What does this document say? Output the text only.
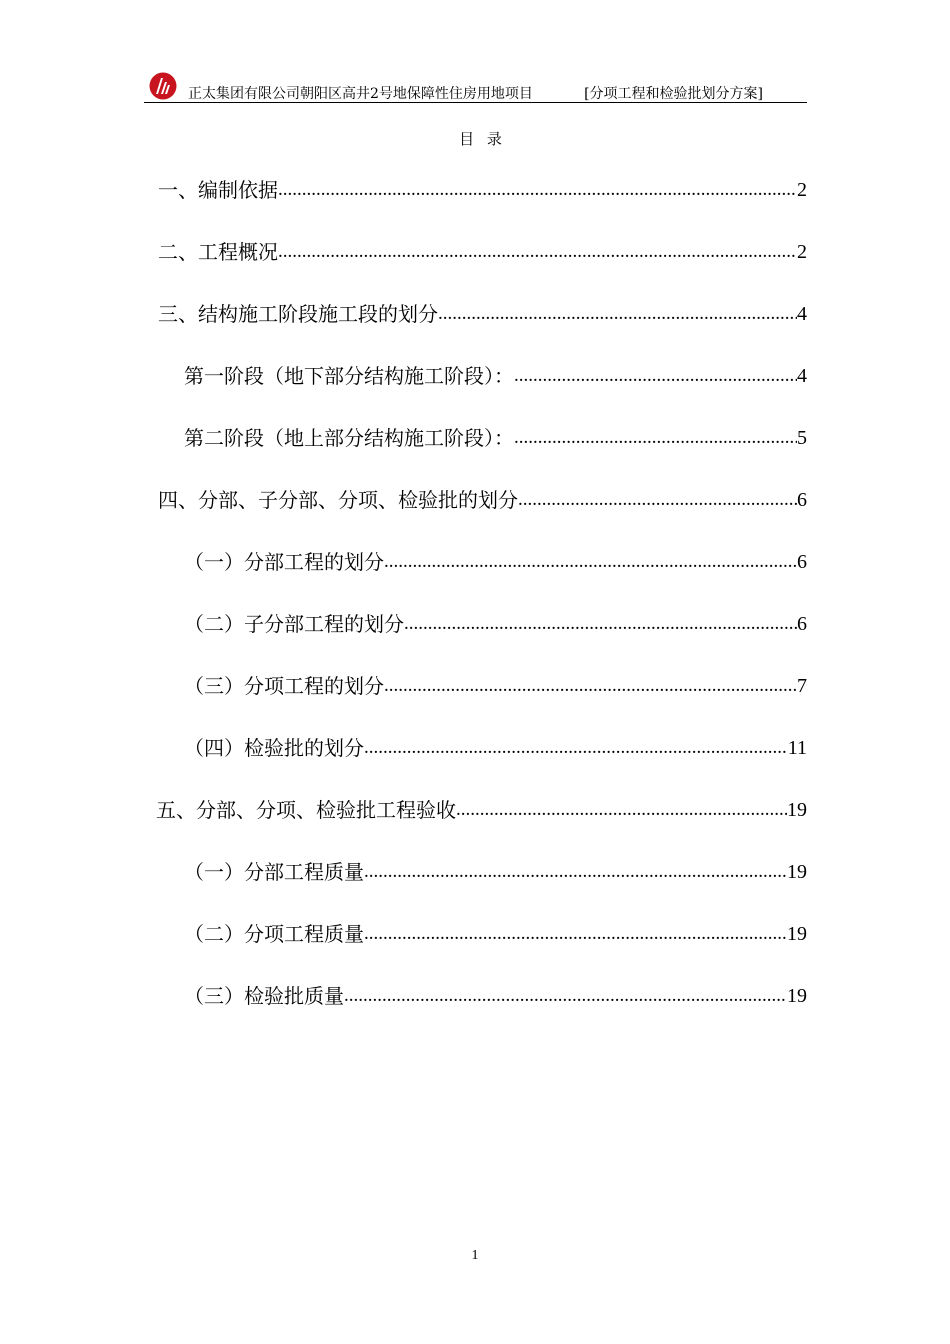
正太集团有限公司朝阳区高井2号地保障性住房用地项目	[分项工程和检验批划分方案]
目 录
一、编制依据 .....	2
二、工程概况 .....	2
三、结构施工阶段施工段的划分 .....	4
第一阶段（地下部分结构施工阶段）： .....	4
第二阶段（地上部分结构施工阶段）： .....	5
四、分部、子分部、分项、检验批的划分 .....	6
（一）分部工程的划分 .....	6
（二）子分部工程的划分 .....	6
（三）分项工程的划分 .....	7
（四）检验批的划分 .....	11
五、分部、分项、检验批工程验收 .....	19
（一）分部工程质量 .....	19
（二）分项工程质量 .....	19
（三）检验批质量 .....	19
1
